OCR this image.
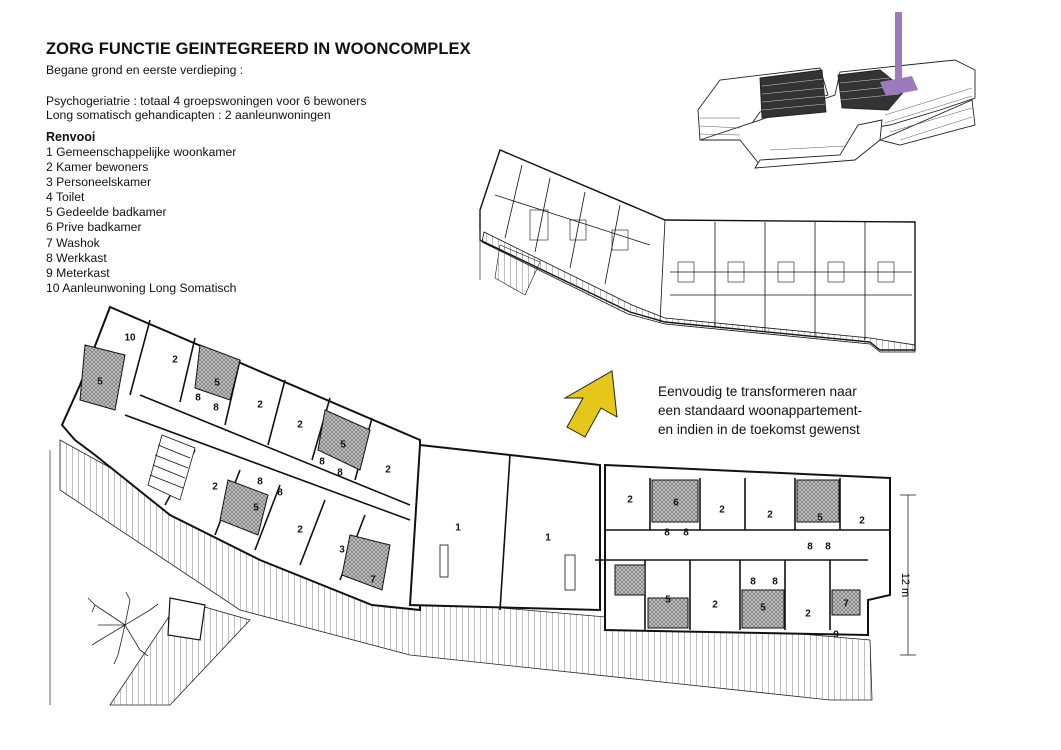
ZORG FUNCTIE GEINTEGREERD IN WOONCOMPLEX
Begane grond en eerste verdieping :
Psychogeriatrie : totaal 4 groepswoningen voor 6 bewoners
Long somatisch gehandicapten : 2 aanleunwoningen
Renvooi
1 Gemeenschappelijke woonkamer
2 Kamer bewoners
3 Personeelskamer
4 Toilet
5 Gedeelde badkamer
6 Prive badkamer
7 Washok
8 Werkkast
9 Meterkast
10 Aanleunwoning Long Somatisch
Eenvoudig te transformeren naar
een standaard woonappartement-
en indien in de toekomst gewenst
10
2
5
8
8
5
2
2
5
8
8	2
2	8
8
5
2
3
7
1
1
2	6
8 8
2	2	5
8 8
2
5	2
8 8
5
2
7
9
12 m
